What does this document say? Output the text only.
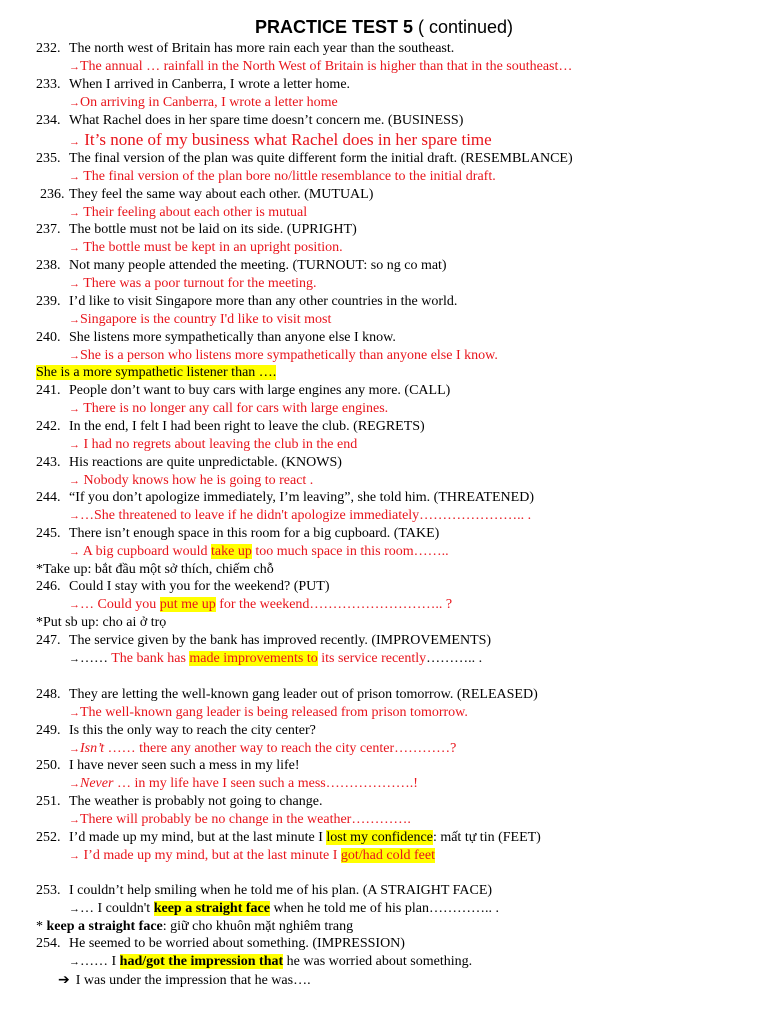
PRACTICE TEST 5 ( continued)
232. The north west of Britain has more rain each year than the southeast.
→The annual … rainfall in the North West of Britain is higher than that in the southeast…
233. When I arrived in Canberra, I wrote a letter home.
→On arriving in Canberra, I wrote a letter home
234. What Rachel does in her spare time doesn’t concern me. (BUSINESS)
→ It’s none of my business what Rachel does in her spare time
235. The final version of the plan was quite different form the initial draft. (RESEMBLANCE)
→ The final version of the plan bore no/little resemblance to the initial draft.
236. They feel the same way about each other. (MUTUAL)
→ Their feeling about each other is mutual
237. The bottle must not be laid on its side. (UPRIGHT)
→ The bottle must be kept in an upright position.
238. Not many people attended the meeting. (TURNOUT: so ng co mat)
→ There was a poor turnout for the meeting.
239. I’d like to visit Singapore more than any other countries in the world.
→Singapore is the country I'd like to visit most
240. She listens more sympathetically than anyone else I know.
→She is a person who listens more sympathetically than anyone else I know.
She is a more sympathetic listener than ….
241. People don’t want to buy cars with large engines any more. (CALL)
→ There is no longer any call for cars with large engines.
242. In the end, I felt I had been right to leave the club. (REGRETS)
→ I had no regrets about leaving the club in the end
243. His reactions are quite unpredictable. (KNOWS)
→ Nobody knows how he is going to react .
244. “If you don’t apologize immediately, I’m leaving”, she told him. (THREATENED)
→…She threatened to leave if he didn't apologize immediately………………….. .
245. There isn’t enough space in this room for a big cupboard. (TAKE)
→ A big cupboard would take up too much space in this room……..
*Take up: bắt đầu một sở thích, chiếm chỗ
246. Could I stay with you for the weekend? (PUT)
→… Could you put me up for the weekend……………………….. ?
*Put sb up: cho ai ở trọ
247. The service given by the bank has improved recently. (IMPROVEMENTS)
→…… The bank has made improvements to its service recently……….. .
248. They are letting the well-known gang leader out of prison tomorrow. (RELEASED)
→The well-known gang leader is being released from prison tomorrow.
249. Is this the only way to reach the city center?
→Isn’t …… there any another way to reach the city center…………?
250. I have never seen such a mess in my life!
→Never … in my life have I seen such a mess……………….!
251. The weather is probably not going to change.
→There will probably be no change in the weather………….
252. I’d made up my mind, but at the last minute I lost my confidence: mất tự tin (FEET)
→ I’d made up my mind, but at the last minute I got/had cold feet
253. I couldn’t help smiling when he told me of his plan. (A STRAIGHT FACE)
→… I couldn't keep a straight face when he told me of his plan………….. .
* keep a straight face: giữ cho khuôn mặt nghiêm trang
254. He seemed to be worried about something. (IMPRESSION)
→…… I had/got the impression that he was worried about something.
➔ I was under the impression that he was….
